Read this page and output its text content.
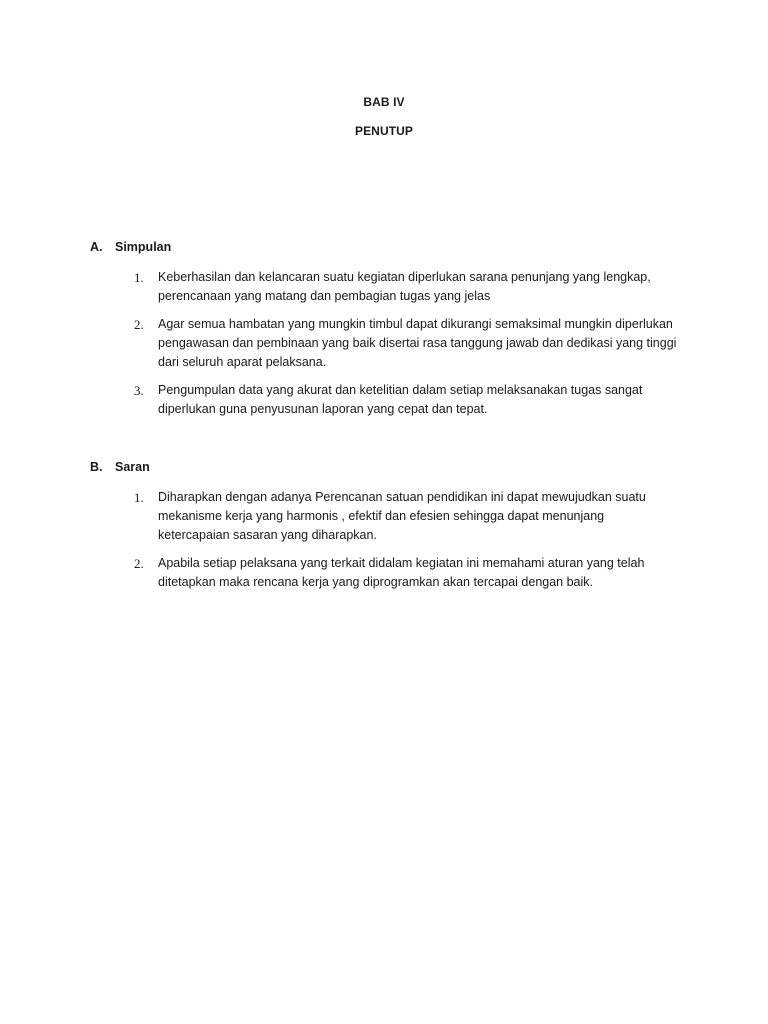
BAB IV
PENUTUP
A. Simpulan
1. Keberhasilan dan kelancaran suatu kegiatan diperlukan sarana penunjang yang lengkap, perencanaan yang matang dan pembagian tugas yang jelas
2. Agar semua hambatan yang mungkin timbul dapat dikurangi semaksimal mungkin diperlukan pengawasan dan pembinaan yang baik disertai rasa tanggung jawab dan dedikasi yang tinggi dari seluruh aparat pelaksana.
3. Pengumpulan data yang akurat dan ketelitian dalam setiap melaksanakan tugas sangat diperlukan guna penyusunan laporan yang cepat dan tepat.
B. Saran
1. Diharapkan dengan adanya Perencanan satuan pendidikan ini dapat mewujudkan suatu mekanisme kerja yang harmonis , efektif dan efesien sehingga dapat menunjang ketercapaian sasaran yang diharapkan.
2. Apabila setiap pelaksana yang terkait didalam kegiatan ini memahami aturan yang telah ditetapkan maka rencana kerja yang diprogramkan akan tercapai dengan baik.
